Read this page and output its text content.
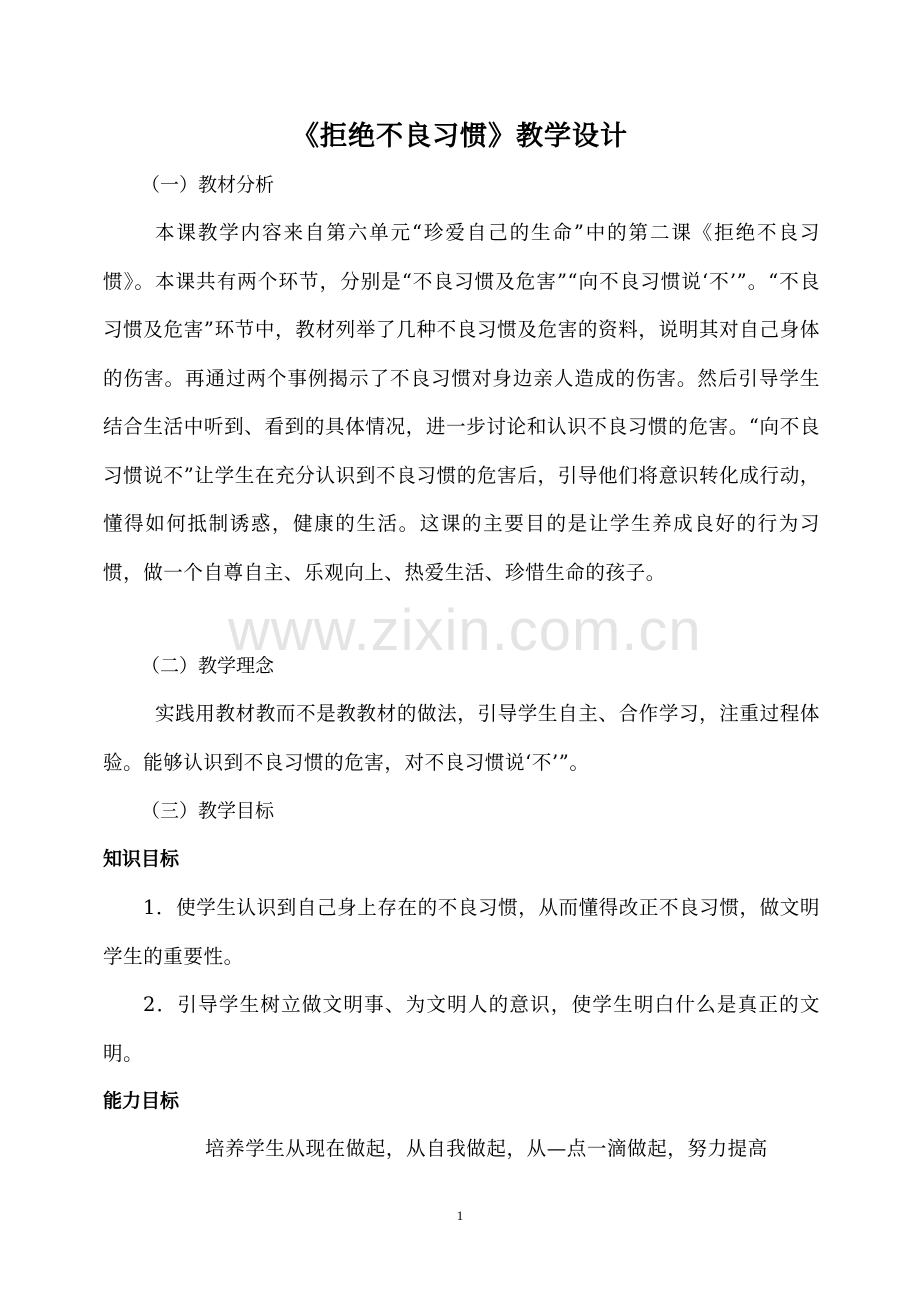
《拒绝不良习惯》教学设计
（一）教材分析
本课教学内容来自第六单元“珍爱自己的生命”中的第二课《拒绝不良习惯》。本课共有两个环节，分别是“不良习惯及危害”“向不良习惯说‘不’”。“不良习惯及危害”环节中，教材列举了几种不良习惯及危害的资料，说明其对自己身体的伤害。再通过两个事例揭示了不良习惯对身边亲人造成的伤害。然后引导学生结合生活中听到、看到的具体情况，进一步讨论和认识不良习惯的危害。“向不良习惯说不”让学生在充分认识到不良习惯的危害后，引导他们将意识转化成行动，懂得如何抵制诱惑，健康的生活。这课的主要目的是让学生养成良好的行为习惯，做一个自尊自主、乐观向上、热爱生活、珍惜生命的孩子。
（二）教学理念
实践用教材教而不是教教材的做法，引导学生自主、合作学习，注重过程体验。能够认识到不良习惯的危害，对不良习惯说‘不’”。
（三）教学目标
知识目标
1．使学生认识到自己身上存在的不良习惯，从而懂得改正不良习惯，做文明学生的重要性。
2．引导学生树立做文明事、为文明人的意识，使学生明白什么是真正的文明。
能力目标
培养学生从现在做起，从自我做起，从—点一滴做起，努力提高
www.zixin.com.cn
1
